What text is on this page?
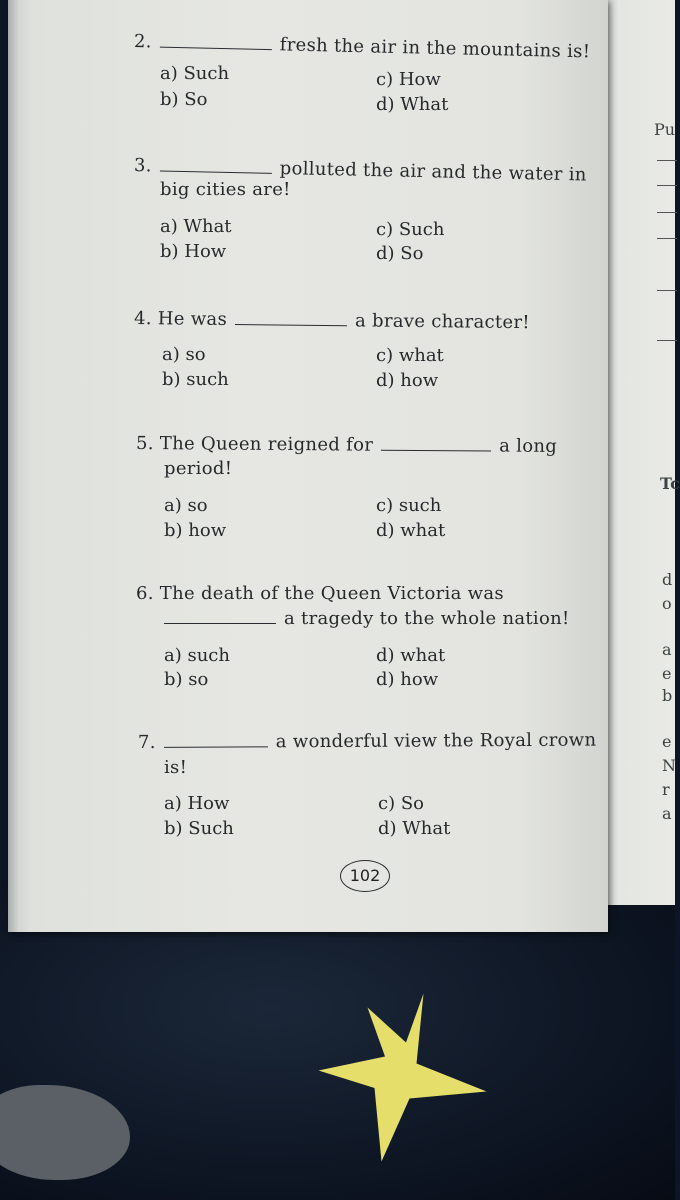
Pu
Tc
d
o
a
e
b
e
N
r
a
2.	fresh the air in the mountains is!
a) Such
b) So
c) How
d) What
3.	polluted the air and the water in
big cities are!
a) What
b) How
c) Such
d) So
4. He was	a brave character!
a) so
b) such
c) what
d) how
5. The Queen reigned for	a long
period!
a) so
b) how
c) such
d) what
6. The death of the Queen Victoria was
a tragedy to the whole nation!
a) such
b) so
d) what
d) how
7.	a wonderful view the Royal crown
is!
a) How
b) Such
c) So
d) What
102
